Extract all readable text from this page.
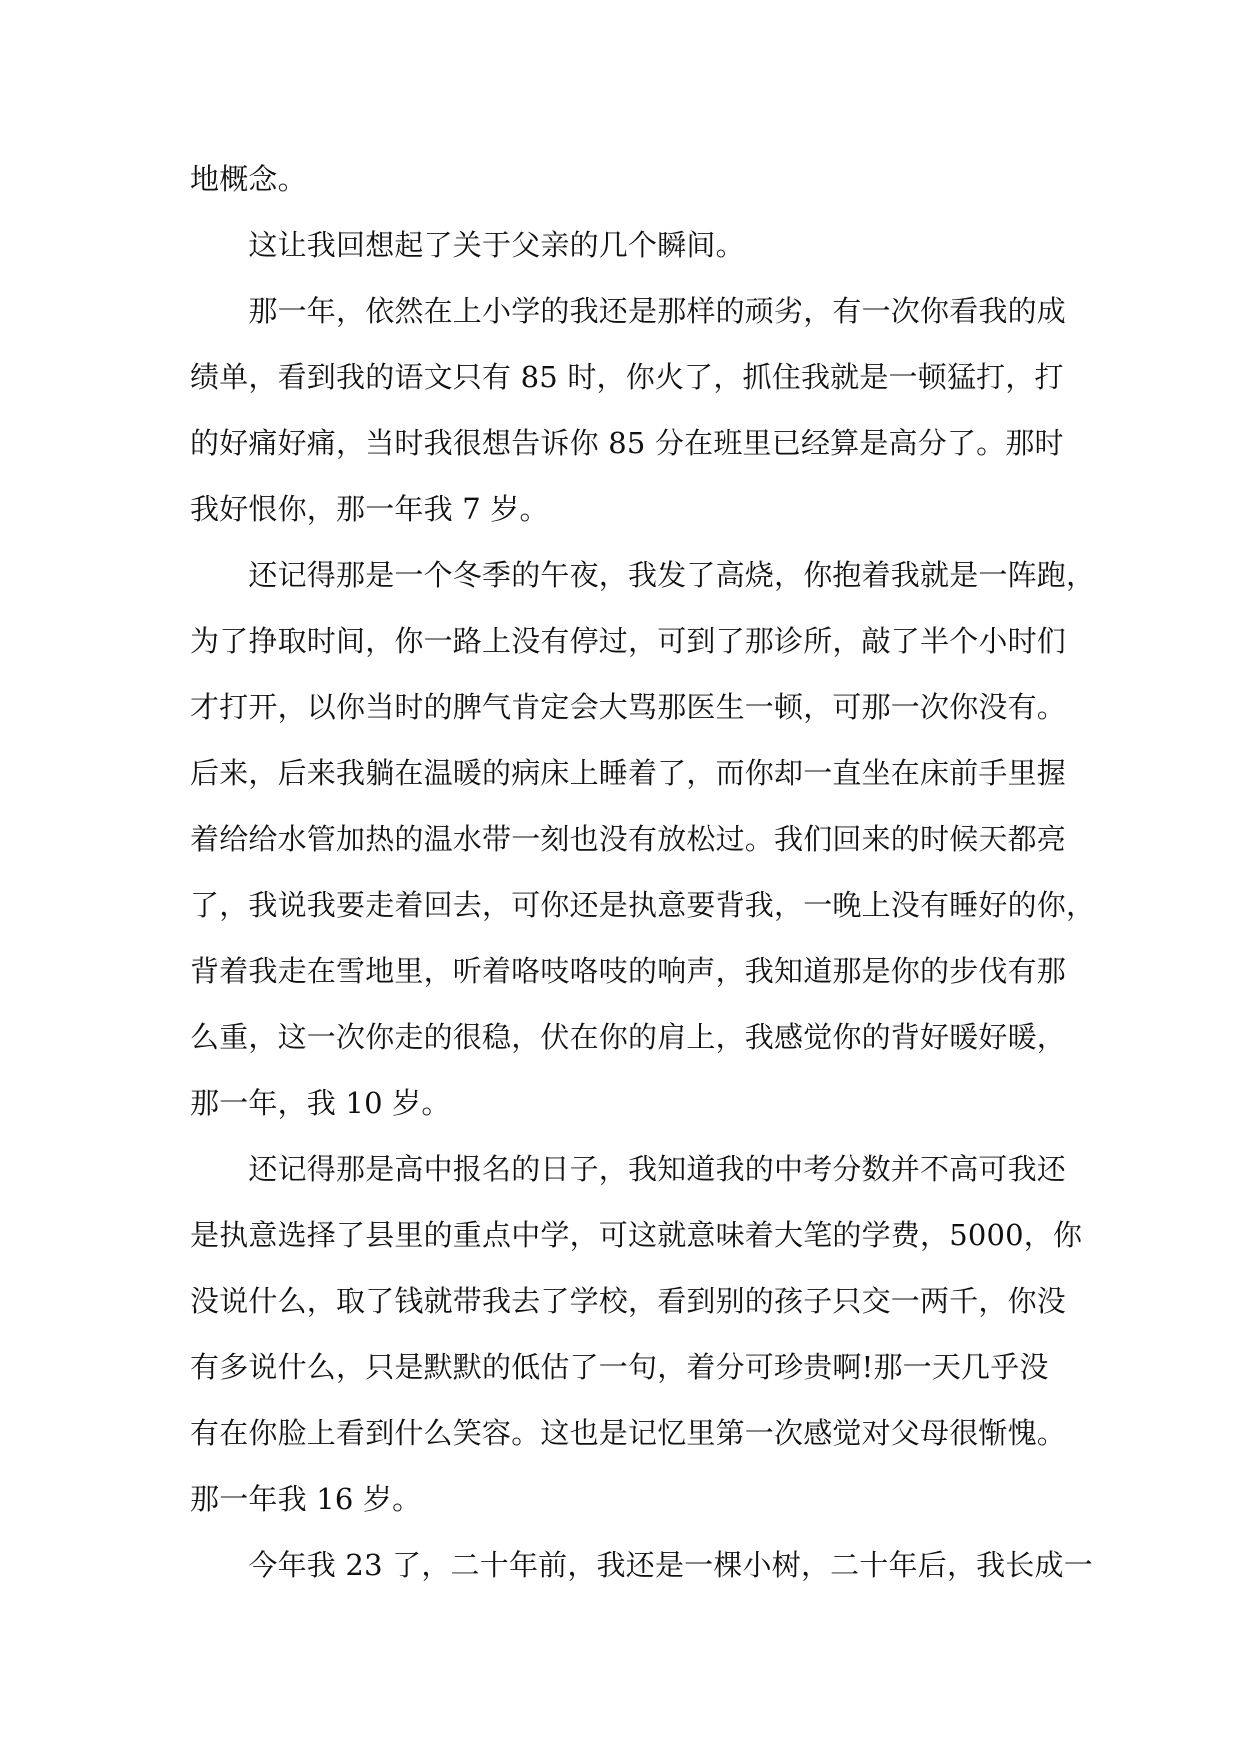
地概念。
　　这让我回想起了关于父亲的几个瞬间。
　　那一年，依然在上小学的我还是那样的顽劣，有一次你看我的成
绩单，看到我的语文只有 85 时，你火了，抓住我就是一顿猛打，打
的好痛好痛，当时我很想告诉你 85 分在班里已经算是高分了。那时
我好恨你，那一年我 7 岁。
　　还记得那是一个冬季的午夜，我发了高烧，你抱着我就是一阵跑，
为了挣取时间，你一路上没有停过，可到了那诊所，敲了半个小时们
才打开，以你当时的脾气肯定会大骂那医生一顿，可那一次你没有。
后来，后来我躺在温暖的病床上睡着了，而你却一直坐在床前手里握
着给给水管加热的温水带一刻也没有放松过。我们回来的时候天都亮
了，我说我要走着回去，可你还是执意要背我，一晚上没有睡好的你，
背着我走在雪地里，听着咯吱咯吱的响声，我知道那是你的步伐有那
么重，这一次你走的很稳，伏在你的肩上，我感觉你的背好暖好暖，
那一年，我 10 岁。
　　还记得那是高中报名的日子，我知道我的中考分数并不高可我还
是执意选择了县里的重点中学，可这就意味着大笔的学费，5000，你
没说什么，取了钱就带我去了学校，看到别的孩子只交一两千，你没
有多说什么，只是默默的低估了一句，着分可珍贵啊!那一天几乎没
有在你脸上看到什么笑容。这也是记忆里第一次感觉对父母很惭愧。
那一年我 16 岁。
　　今年我 23 了，二十年前，我还是一棵小树，二十年后，我长成一
